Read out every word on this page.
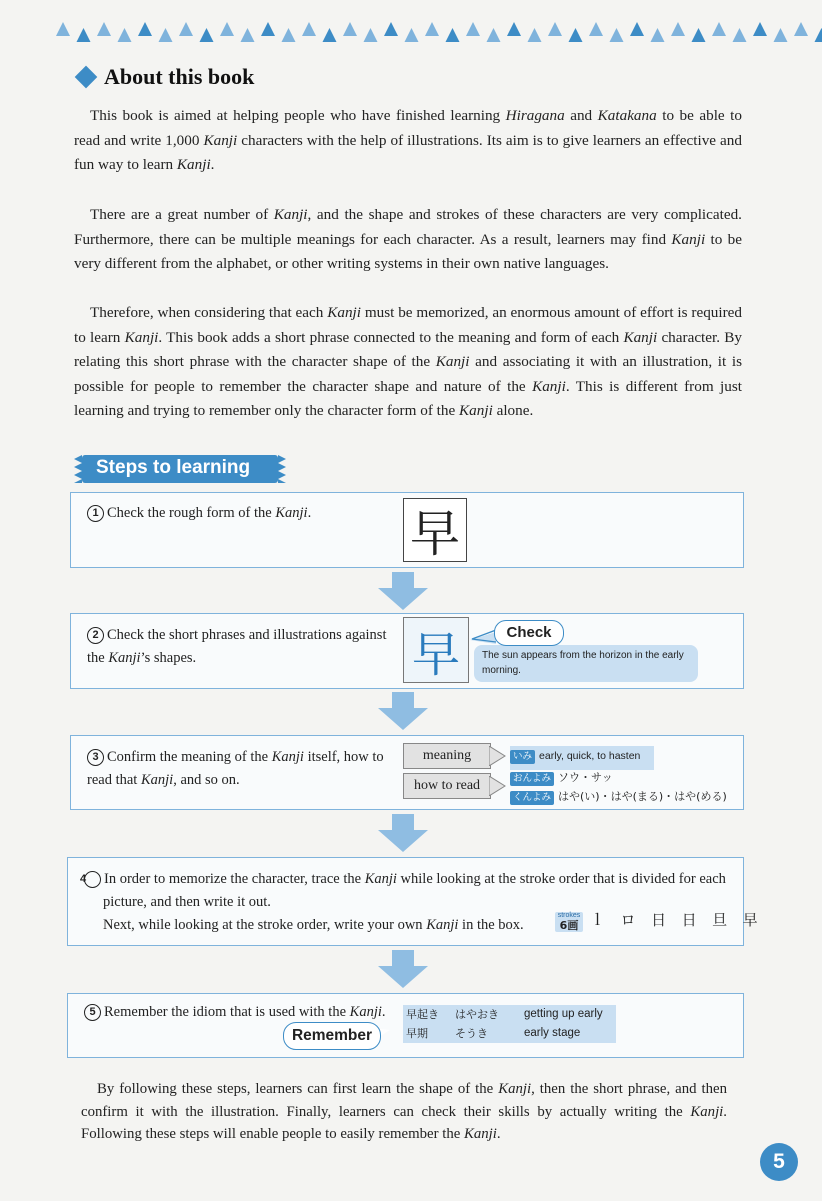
About this book

This book is aimed at helping people who have finished learning Hiragana and Katakana to be able to read and write 1,000 Kanji characters with the help of illustrations. Its aim is to give learners an effective and fun way to learn Kanji.

There are a great number of Kanji, and the shape and strokes of these characters are very complicated. Furthermore, there can be multiple meanings for each character. As a result, learners may find Kanji to be very different from the alphabet, or other writing systems in their own native languages.

Therefore, when considering that each Kanji must be memorized, an enormous amount of effort is required to learn Kanji. This book adds a short phrase connected to the meaning and form of each Kanji character. By relating this short phrase with the character shape of the Kanji and associating it with an illustration, it is possible for people to remember the character shape and nature of the Kanji. This is different from just learning and trying to remember only the character form of the Kanji alone.

Steps to learning
1 Check the rough form of the Kanji. 早
2 Check the short phrases and illustrations against the Kanji’s shapes.	早	The sun appears from the horizon in the early morning.
Check
3 Confirm the meaning of the Kanji itself, how to read that Kanji, and so on.
meaning
how to read
いみ early, quick, to hasten
おんよみ ソウ・サッ
くんよみ はや(い)・はや(まる)・はや(める)
4 In order to memorize the character, trace the Kanji while looking at the stroke order that is divided for each picture, and then write it out.
Next, while looking at the stroke order, write your own Kanji in the box.
strokes
6画 ｌ  ロ  日  日  旦  早
5 Remember the idiom that is used with the Kanji. 早起き はやおき getting up early
早期 そうき	early stage
Remember

By following these steps, learners can first learn the shape of the Kanji, then the short phrase, and then confirm it with the illustration. Finally, learners can check their skills by actually writing the Kanji. Following these steps will enable people to easily remember the Kanji.

5
